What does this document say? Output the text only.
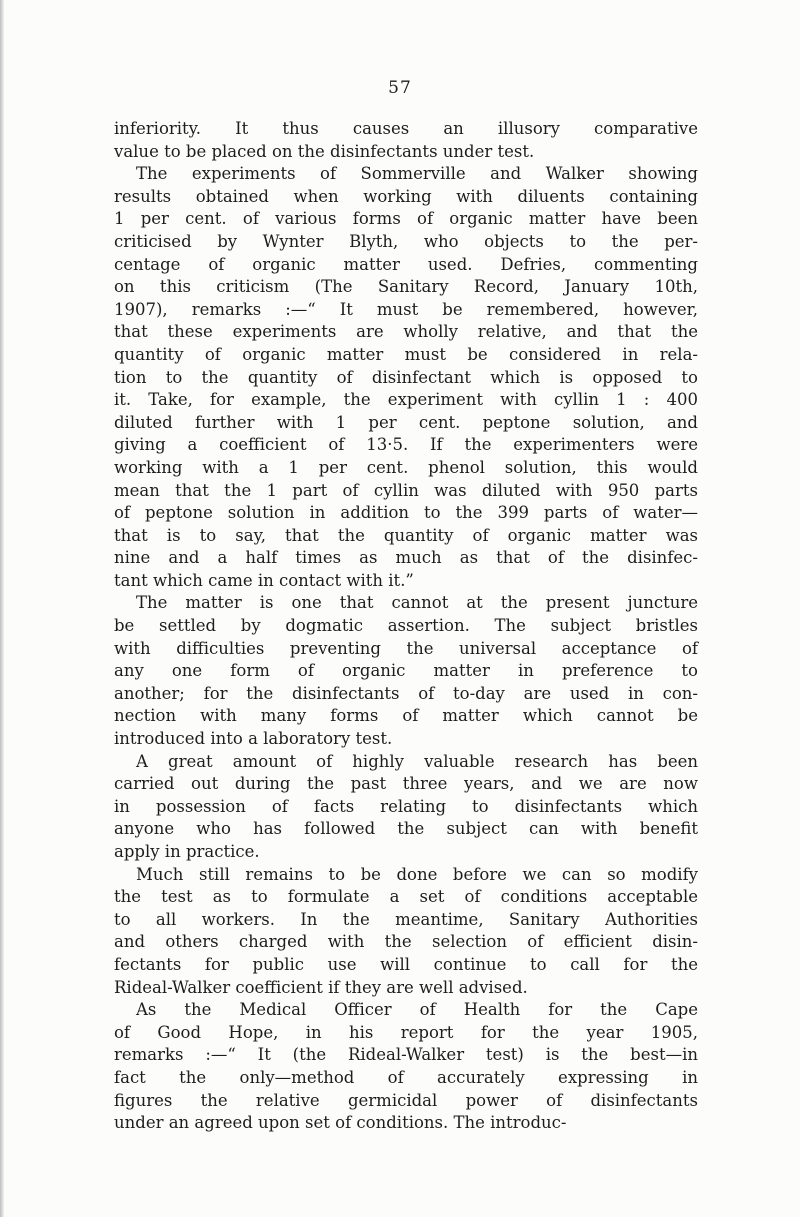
57
inferiority. It thus causes an illusory comparative
value to be placed on the disinfectants under test.
The experiments of Sommerville and Walker showing
results obtained when working with diluents containing
1 per cent. of various forms of organic matter have been
criticised by Wynter Blyth, who objects to the per-
centage of organic matter used. Defries, commenting
on this criticism (The Sanitary Record, January 10th,
1907), remarks :—“ It must be remembered, however,
that these experiments are wholly relative, and that the
quantity of organic matter must be considered in rela-
tion to the quantity of disinfectant which is opposed to
it. Take, for example, the experiment with cyllin 1 : 400
diluted further with 1 per cent. peptone solution, and
giving a coefficient of 13·5. If the experimenters were
working with a 1 per cent. phenol solution, this would
mean that the 1 part of cyllin was diluted with 950 parts
of peptone solution in addition to the 399 parts of water—
that is to say, that the quantity of organic matter was
nine and a half times as much as that of the disinfec-
tant which came in contact with it.”
The matter is one that cannot at the present juncture
be settled by dogmatic assertion. The subject bristles
with difficulties preventing the universal acceptance of
any one form of organic matter in preference to
another; for the disinfectants of to-day are used in con-
nection with many forms of matter which cannot be
introduced into a laboratory test.
A great amount of highly valuable research has been
carried out during the past three years, and we are now
in possession of facts relating to disinfectants which
anyone who has followed the subject can with benefit
apply in practice.
Much still remains to be done before we can so modify
the test as to formulate a set of conditions acceptable
to all workers. In the meantime, Sanitary Authorities
and others charged with the selection of efficient disin-
fectants for public use will continue to call for the
Rideal-Walker coefficient if they are well advised.
As the Medical Officer of Health for the Cape
of Good Hope, in his report for the year 1905,
remarks :—“ It (the Rideal-Walker test) is the best—in
fact the only—method of accurately expressing in
figures the relative germicidal power of disinfectants
under an agreed upon set of conditions. The introduc-
